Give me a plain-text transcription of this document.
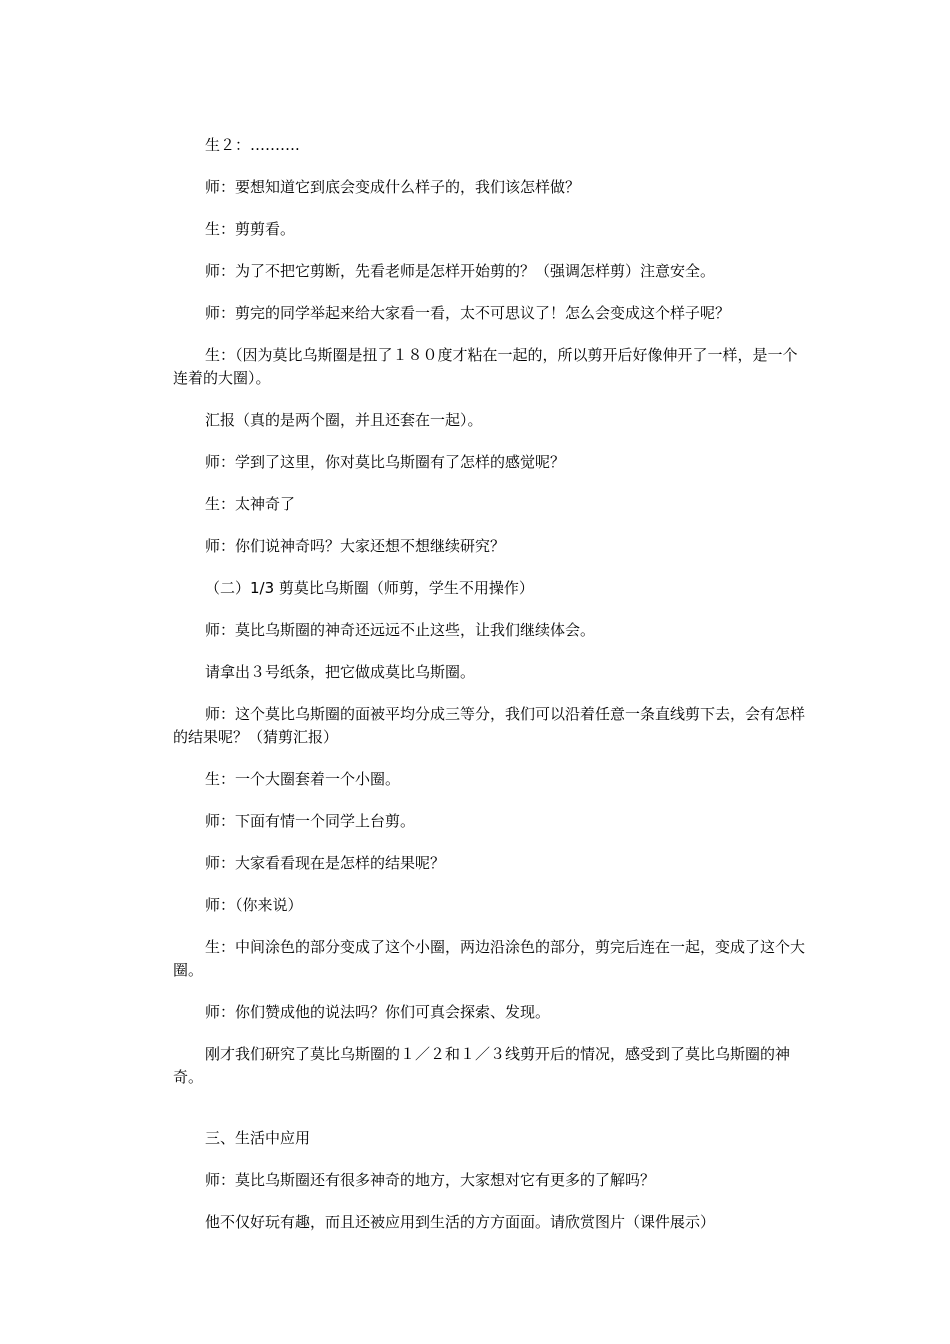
生２：……….

师：要想知道它到底会变成什么样子的，我们该怎样做？

生：剪剪看。

师：为了不把它剪断，先看老师是怎样开始剪的？（强调怎样剪）注意安全。

师：剪完的同学举起来给大家看一看，太不可思议了！怎么会变成这个样子呢？

生：（因为莫比乌斯圈是扭了１８０度才粘在一起的，所以剪开后好像伸开了一样，是一个连着的大圈）。

汇报（真的是两个圈，并且还套在一起）。

师：学到了这里，你对莫比乌斯圈有了怎样的感觉呢？

生：太神奇了

师：你们说神奇吗？大家还想不想继续研究？

（二）1/3 剪莫比乌斯圈（师剪，学生不用操作）

师：莫比乌斯圈的神奇还远远不止这些，让我们继续体会。

请拿出３号纸条，把它做成莫比乌斯圈。

师：这个莫比乌斯圈的面被平均分成三等分，我们可以沿着任意一条直线剪下去，会有怎样的结果呢？（猜剪汇报）

生：一个大圈套着一个小圈。

师：下面有情一个同学上台剪。

师：大家看看现在是怎样的结果呢？

师：（你来说）

生：中间涂色的部分变成了这个小圈，两边沿涂色的部分，剪完后连在一起，变成了这个大圈。

师：你们赞成他的说法吗？你们可真会探索、发现。

刚才我们研究了莫比乌斯圈的１／２和１／３线剪开后的情况，感受到了莫比乌斯圈的神奇。

三、生活中应用

师：莫比乌斯圈还有很多神奇的地方，大家想对它有更多的了解吗？

他不仅好玩有趣，而且还被应用到生活的方方面面。请欣赏图片（课件展示）
